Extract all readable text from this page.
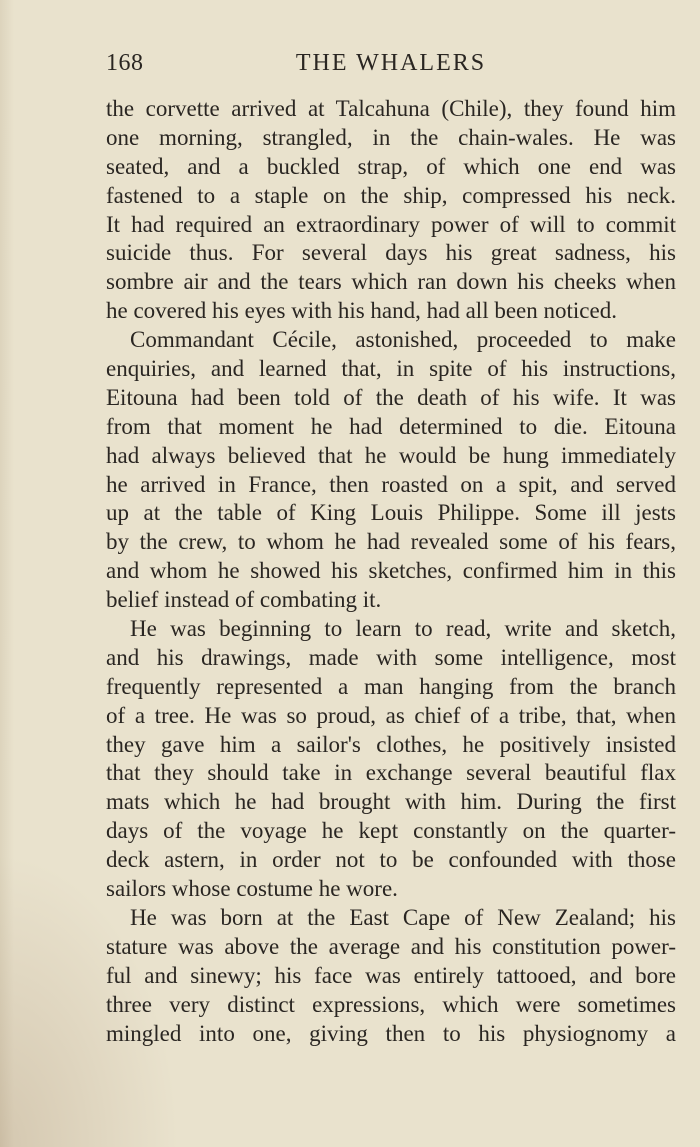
168	THE WHALERS
the corvette arrived at Talcahuna (Chile), they found him
one morning, strangled, in the chain-wales. He was
seated, and a buckled strap, of which one end was
fastened to a staple on the ship, compressed his neck.
It had required an extraordinary power of will to commit
suicide thus. For several days his great sadness, his
sombre air and the tears which ran down his cheeks when
he covered his eyes with his hand, had all been noticed.
Commandant Cécile, astonished, proceeded to make
enquiries, and learned that, in spite of his instructions,
Eitouna had been told of the death of his wife. It was
from that moment he had determined to die. Eitouna
had always believed that he would be hung immediately
he arrived in France, then roasted on a spit, and served
up at the table of King Louis Philippe. Some ill jests
by the crew, to whom he had revealed some of his fears,
and whom he showed his sketches, confirmed him in this
belief instead of combating it.
He was beginning to learn to read, write and sketch,
and his drawings, made with some intelligence, most
frequently represented a man hanging from the branch
of a tree. He was so proud, as chief of a tribe, that, when
they gave him a sailor's clothes, he positively insisted
that they should take in exchange several beautiful flax
mats which he had brought with him. During the first
days of the voyage he kept constantly on the quarter-
deck astern, in order not to be confounded with those
sailors whose costume he wore.
He was born at the East Cape of New Zealand; his
stature was above the average and his constitution power-
ful and sinewy; his face was entirely tattooed, and bore
three very distinct expressions, which were sometimes
mingled into one, giving then to his physiognomy a
